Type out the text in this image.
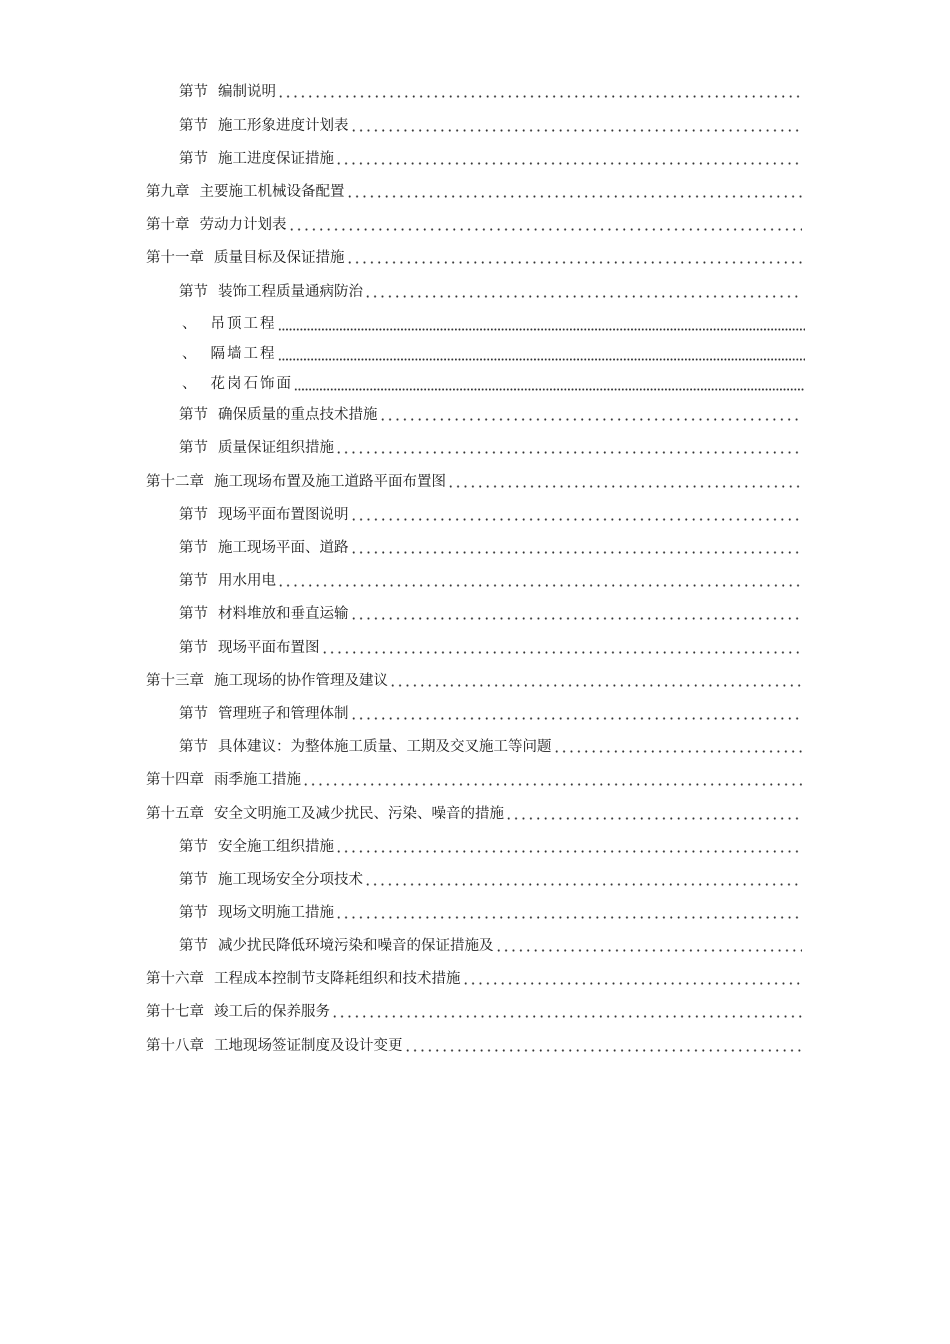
第节 编制说明
第节 施工形象进度计划表
第节 施工进度保证措施
第九章 主要施工机械设备配置
第十章 劳动力计划表
第十一章 质量目标及保证措施
第节 装饰工程质量通病防治
、 吊顶工程
、 隔墙工程
、 花岗石饰面
第节 确保质量的重点技术措施
第节 质量保证组织措施
第十二章 施工现场布置及施工道路平面布置图
第节 现场平面布置图说明
第节 施工现场平面、道路
第节 用水用电
第节 材料堆放和垂直运输
第节 现场平面布置图
第十三章 施工现场的协作管理及建议
第节 管理班子和管理体制
第节 具体建议：为整体施工质量、工期及交叉施工等问题
第十四章 雨季施工措施
第十五章 安全文明施工及减少扰民、污染、噪音的措施
第节 安全施工组织措施
第节 施工现场安全分项技术
第节 现场文明施工措施
第节 减少扰民降低环境污染和噪音的保证措施及
第十六章 工程成本控制节支降耗组织和技术措施
第十七章 竣工后的保养服务
第十八章 工地现场签证制度及设计变更
